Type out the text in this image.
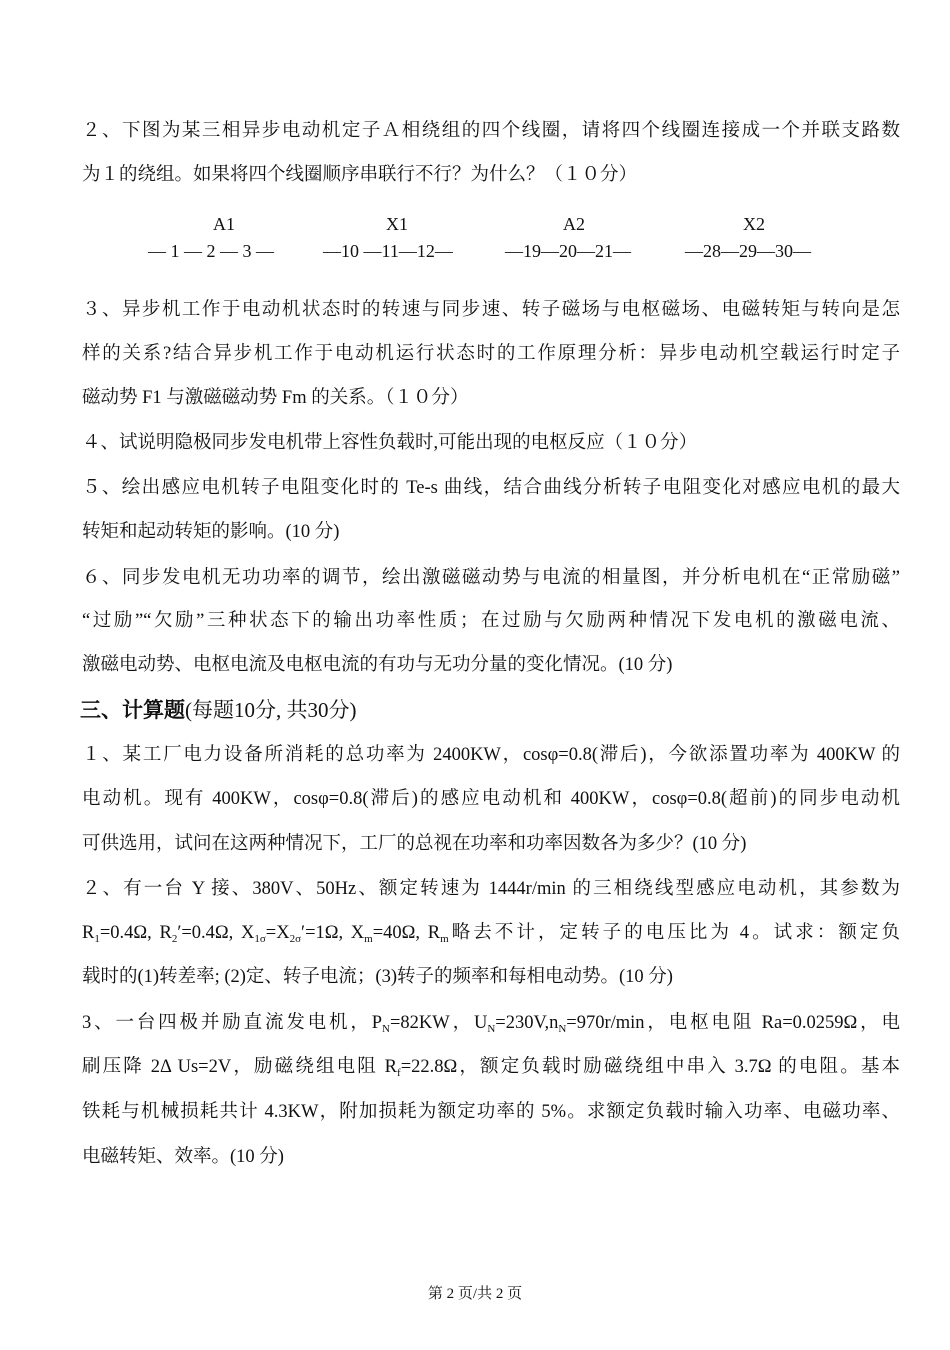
２、下图为某三相异步电动机定子Ａ相绕组的四个线圈，请将四个线圈连接成一个并联支路数
为１的绕组。如果将四个线圈顺序串联行不行？为什么？（１０分）
A1	X1	A2	X2
— 1 — 2 — 3 —	—10 —11—12—	—19—20—21—	—28—29—30—
３、异步机工作于电动机状态时的转速与同步速、转子磁场与电枢磁场、电磁转矩与转向是怎
样的关系?结合异步机工作于电动机运行状态时的工作原理分析：异步电动机空载运行时定子
磁动势 F1 与激磁磁动势 Fm 的关系。（１０分）
４、试说明隐极同步发电机带上容性负载时,可能出现的电枢反应（１０分）
５、绘出感应电机转子电阻变化时的 Te-s 曲线，结合曲线分析转子电阻变化对感应电机的最大
转矩和起动转矩的影响。(10 分)
６、同步发电机无功功率的调节，绘出激磁磁动势与电流的相量图，并分析电机在“正常励磁”
“过励”“欠励”三种状态下的输出功率性质；在过励与欠励两种情况下发电机的激磁电流、
激磁电动势、电枢电流及电枢电流的有功与无功分量的变化情况。(10 分)
三、计算题(每题10分, 共30分)
１、某工厂电力设备所消耗的总功率为 2400KW，cosφ=0.8(滞后)，今欲添置功率为 400KW 的
电动机。现有 400KW，cosφ=0.8(滞后)的感应电动机和 400KW，cosφ=0.8(超前)的同步电动机
可供选用，试问在这两种情况下，工厂的总视在功率和功率因数各为多少？(10 分)
２、有一台 Y 接、380V、50Hz、额定转速为 1444r/min 的三相绕线型感应电动机，其参数为
$R_1=0.4\Omega$, $R_2'=0.4\Omega$, $X_{1\sigma}=X_{2\sigma}'=1\Omega$, $X_m=40\Omega$, $R_m$略去不计，定转子的电压比为 4。试求：额定负
载时的(1)转差率; (2)定、转子电流；(3)转子的频率和每相电动势。(10 分)
3、一台四极并励直流发电机，$P_N=82KW$，$U_N=230V,n_N=970r/\min$，电枢电阻 Ra=0.0259Ω，电
刷压降 2Δ Us=2V，励磁绕组电阻 $R_f=22.8\Omega$，额定负载时励磁绕组中串入 3.7Ω 的电阻。基本
铁耗与机械损耗共计 4.3KW，附加损耗为额定功率的 5%。求额定负载时输入功率、电磁功率、
电磁转矩、效率。(10 分)
第 2 页/共 2 页
